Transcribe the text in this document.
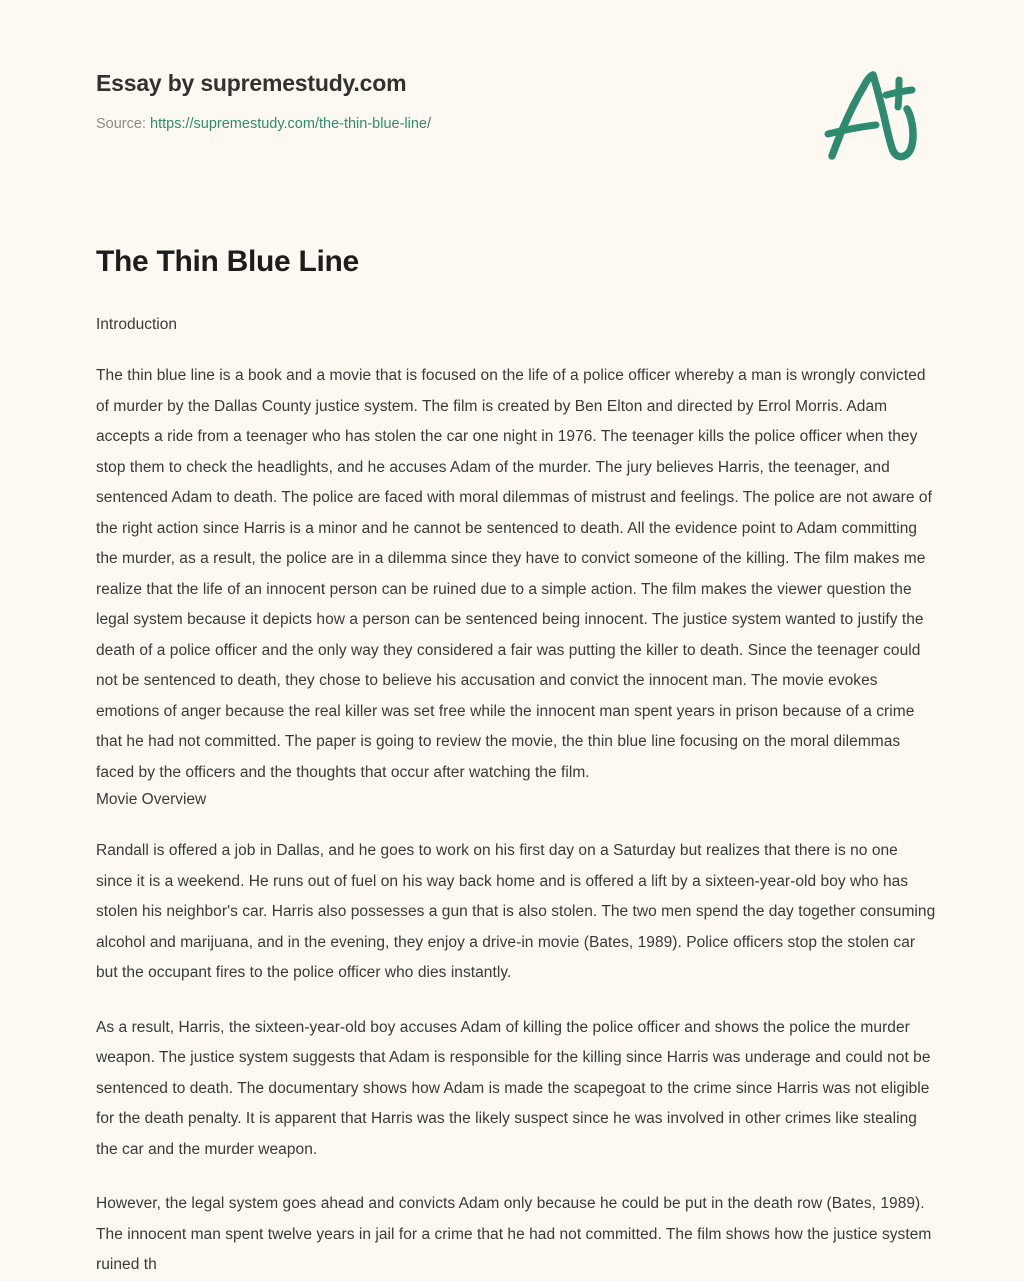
Essay by supremestudy.com
Source: https://supremestudy.com/the-thin-blue-line/
The Thin Blue Line
Introduction

The thin blue line is a book and a movie that is focused on the life of a police officer whereby a man is wrongly convicted of murder by the Dallas County justice system. The film is created by Ben Elton and directed by Errol Morris. Adam accepts a ride from a teenager who has stolen the car one night in 1976. The teenager kills the police officer when they stop them to check the headlights, and he accuses Adam of the murder. The jury believes Harris, the teenager, and sentenced Adam to death. The police are faced with moral dilemmas of mistrust and feelings. The police are not aware of the right action since Harris is a minor and he cannot be sentenced to death. All the evidence point to Adam committing the murder, as a result, the police are in a dilemma since they have to convict someone of the killing. The film makes me realize that the life of an innocent person can be ruined due to a simple action. The film makes the viewer question the legal system because it depicts how a person can be sentenced being innocent. The justice system wanted to justify the death of a police officer and the only way they considered a fair was putting the killer to death. Since the teenager could not be sentenced to death, they chose to believe his accusation and convict the innocent man. The movie evokes emotions of anger because the real killer was set free while the innocent man spent years in prison because of a crime that he had not committed. The paper is going to review the movie, the thin blue line focusing on the moral dilemmas faced by the officers and the thoughts that occur after watching the film.

Movie Overview

Randall is offered a job in Dallas, and he goes to work on his first day on a Saturday but realizes that there is no one since it is a weekend. He runs out of fuel on his way back home and is offered a lift by a sixteen-year-old boy who has stolen his neighbor's car. Harris also possesses a gun that is also stolen. The two men spend the day together consuming alcohol and marijuana, and in the evening, they enjoy a drive-in movie (Bates, 1989). Police officers stop the stolen car but the occupant fires to the police officer who dies instantly.

As a result, Harris, the sixteen-year-old boy accuses Adam of killing the police officer and shows the police the murder weapon. The justice system suggests that Adam is responsible for the killing since Harris was underage and could not be sentenced to death. The documentary shows how Adam is made the scapegoat to the crime since Harris was not eligible for the death penalty. It is apparent that Harris was the likely suspect since he was involved in other crimes like stealing the car and the murder weapon.

However, the legal system goes ahead and convicts Adam only because he could be put in the death row (Bates, 1989). The innocent man spent twelve years in jail for a crime that he had not committed. The film shows how the justice system ruined th
